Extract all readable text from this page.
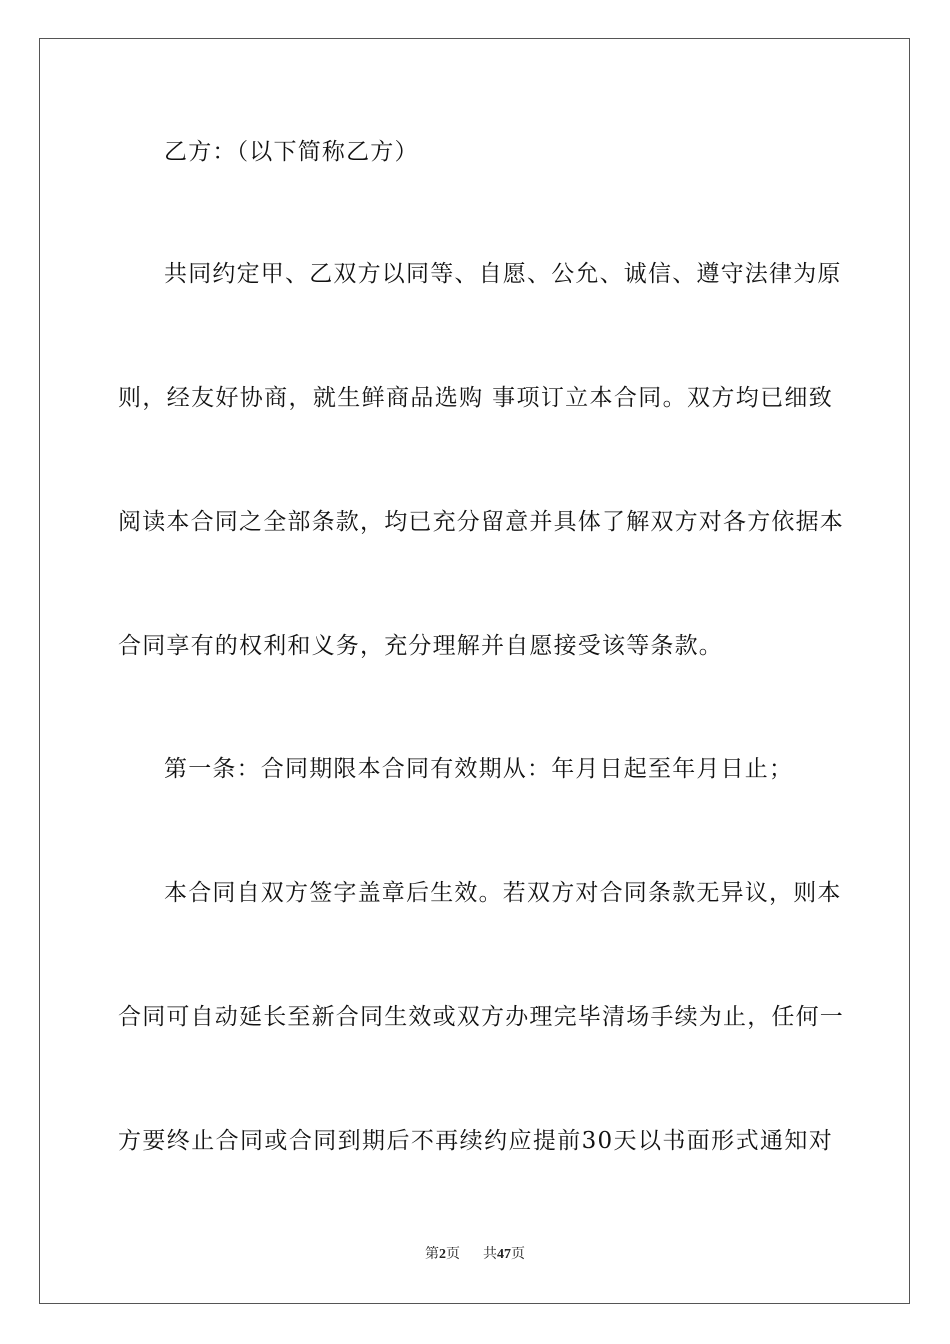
乙方：（以下简称乙方）
共同约定甲、乙双方以同等、自愿、公允、诚信、遵守法律为原
则，经友好协商，就生鲜商品选购 事项订立本合同。双方均已细致
阅读本合同之全部条款，均已充分留意并具体了解双方对各方依据本
合同享有的权利和义务，充分理解并自愿接受该等条款。
第一条：合同期限本合同有效期从：年月日起至年月日止；
本合同自双方签字盖章后生效。若双方对合同条款无异议，则本
合同可自动延长至新合同生效或双方办理完毕清场手续为止，任何一
方要终止合同或合同到期后不再续约应提前30天以书面形式通知对
第2页 共47页
